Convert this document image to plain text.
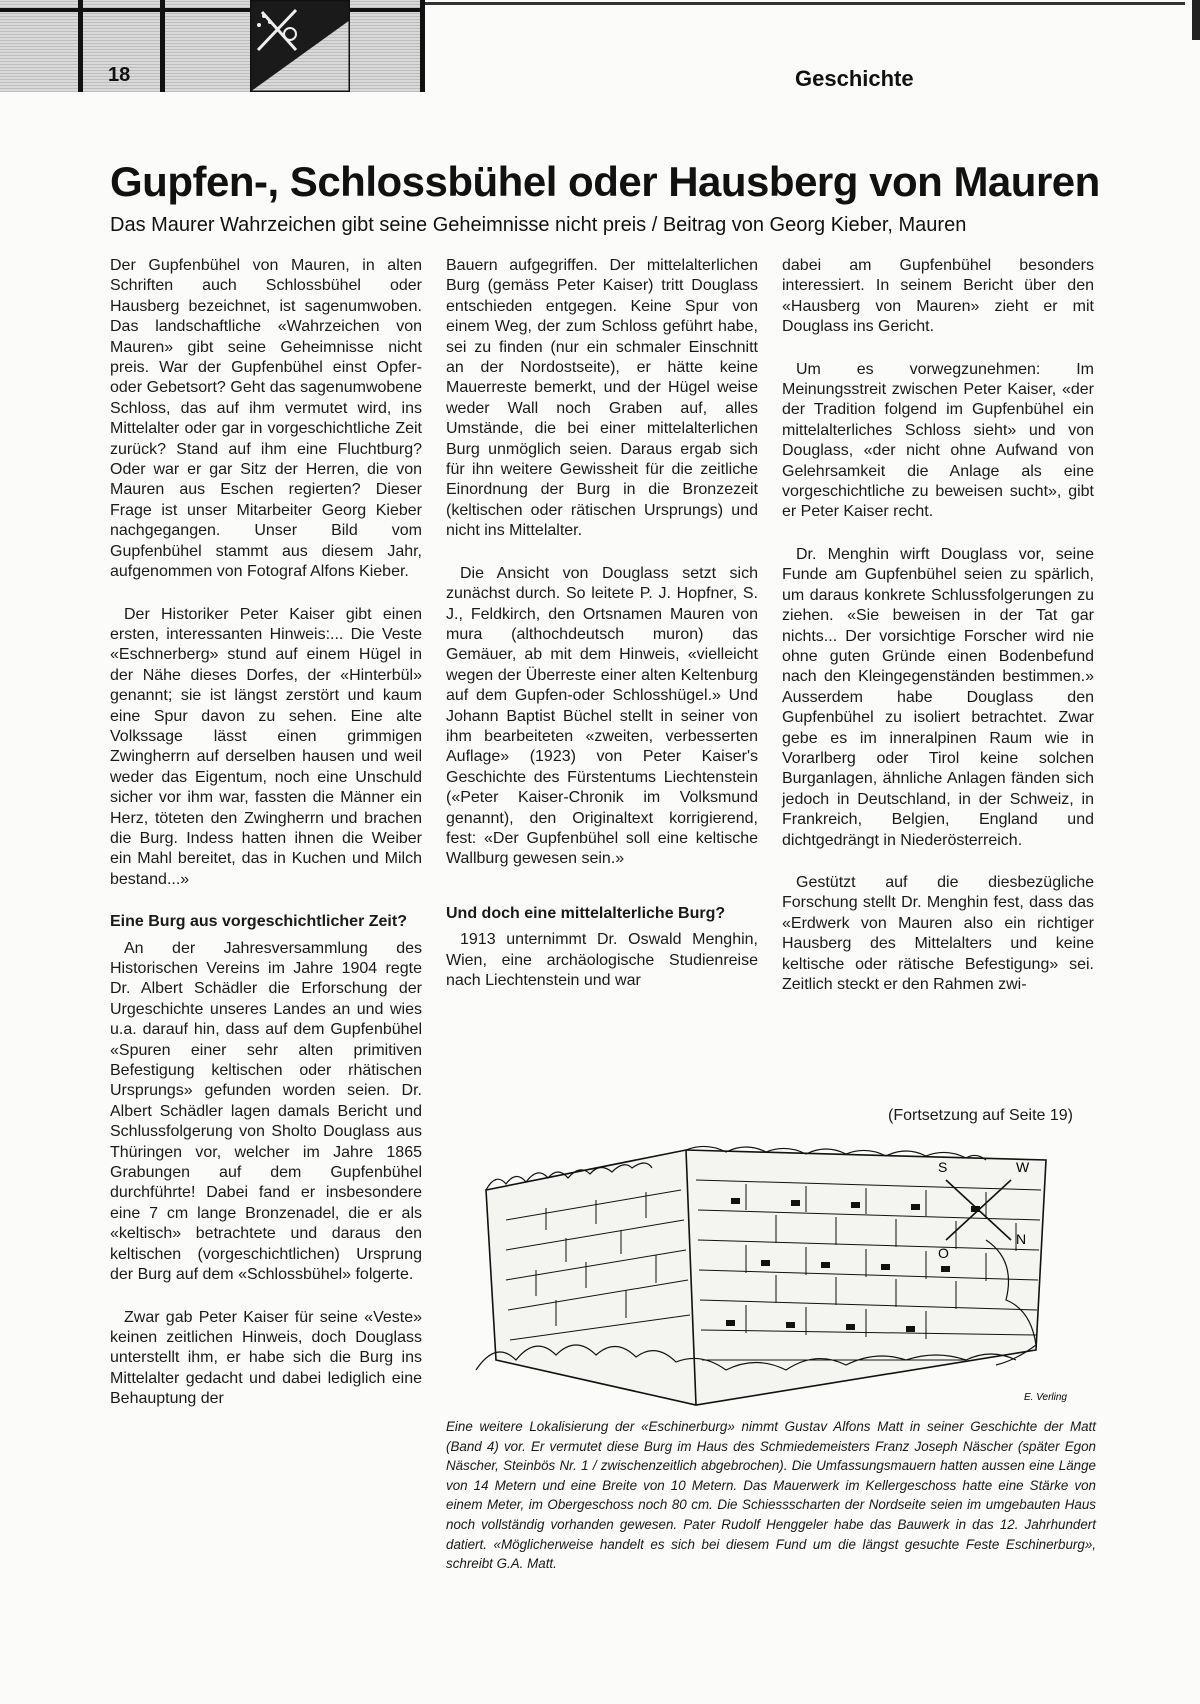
18	Geschichte
Gupfen-, Schlossbühel oder Hausberg von Mauren

Das Maurer Wahrzeichen gibt seine Geheimnisse nicht preis / Beitrag von Georg Kieber, Mauren

Der Gupfenbühel von Mauren, in alten Schriften auch Schlossbühel oder Hausberg bezeichnet, ist sagenumwoben. Das landschaftliche «Wahrzeichen von Mauren» gibt seine Geheimnisse nicht preis. War der Gupfenbühel einst Opfer- oder Gebetsort? Geht das sagenumwobene Schloss, das auf ihm vermutet wird, ins Mittelalter oder gar in vorgeschichtliche Zeit zurück? Stand auf ihm eine Fluchtburg? Oder war er gar Sitz der Herren, die von Mauren aus Eschen regierten? Dieser Frage ist unser Mitarbeiter Georg Kieber nachgegangen. Unser Bild vom Gupfenbühel stammt aus diesem Jahr, aufgenommen von Fotograf Alfons Kieber.

Der Historiker Peter Kaiser gibt einen ersten, interessanten Hinweis:... Die Veste «Eschnerberg» stund auf einem Hügel in der Nähe dieses Dorfes, der «Hinterbül» genannt; sie ist längst zerstört und kaum eine Spur davon zu sehen. Eine alte Volkssage lässt einen grimmigen Zwingherrn auf derselben hausen und weil weder das Eigentum, noch eine Unschuld sicher vor ihm war, fassten die Männer ein Herz, töteten den Zwingherrn und brachen die Burg. Indess hatten ihnen die Weiber ein Mahl bereitet, das in Kuchen und Milch bestand...»

Eine Burg aus vorgeschichtlicher Zeit?

An der Jahresversammlung des Historischen Vereins im Jahre 1904 regte Dr. Albert Schädler die Erforschung der Urgeschichte unseres Landes an und wies u.a. darauf hin, dass auf dem Gupfenbühel «Spuren einer sehr alten primitiven Befestigung keltischen oder rhätischen Ursprungs» gefunden worden seien. Dr. Albert Schädler lagen damals Bericht und Schlussfolgerung von Sholto Douglass aus Thüringen vor, welcher im Jahre 1865 Grabungen auf dem Gupfenbühel durchführte! Dabei fand er insbesondere eine 7 cm lange Bronzenadel, die er als «keltisch» betrachtete und daraus den keltischen (vorgeschichtlichen) Ursprung der Burg auf dem «Schlossbühel» folgerte.

Zwar gab Peter Kaiser für seine «Veste» keinen zeitlichen Hinweis, doch Douglass unterstellt ihm, er habe sich die Burg ins Mittelalter gedacht und dabei lediglich eine Behauptung der

Bauern aufgegriffen. Der mittelalterlichen Burg (gemäss Peter Kaiser) tritt Douglass entschieden entgegen. Keine Spur von einem Weg, der zum Schloss geführt habe, sei zu finden (nur ein schmaler Einschnitt an der Nordostseite), er hätte keine Mauerreste bemerkt, und der Hügel weise weder Wall noch Graben auf, alles Umstände, die bei einer mittelalterlichen Burg unmöglich seien. Daraus ergab sich für ihn weitere Gewissheit für die zeitliche Einordnung der Burg in die Bronzezeit (keltischen oder rätischen Ursprungs) und nicht ins Mittelalter.

Die Ansicht von Douglass setzt sich zunächst durch. So leitete P. J. Hopfner, S. J., Feldkirch, den Ortsnamen Mauren von mura (althochdeutsch muron) das Gemäuer, ab mit dem Hinweis, «vielleicht wegen der Überreste einer alten Keltenburg auf dem Gupfen-oder Schlosshügel.» Und Johann Baptist Büchel stellt in seiner von ihm bearbeiteten «zweiten, verbesserten Auflage» (1923) von Peter Kaiser's Geschichte des Fürstentums Liechtenstein («Peter Kaiser-Chronik im Volksmund genannt), den Originaltext korrigierend, fest: «Der Gupfenbühel soll eine keltische Wallburg gewesen sein.»

Und doch eine mittelalterliche Burg?

1913 unternimmt Dr. Oswald Menghin, Wien, eine archäologische Studienreise nach Liechtenstein und war

dabei am Gupfenbühel besonders interessiert. In seinem Bericht über den «Hausberg von Mauren» zieht er mit Douglass ins Gericht.

Um es vorwegzunehmen: Im Meinungsstreit zwischen Peter Kaiser, «der der Tradition folgend im Gupfenbühel ein mittelalterliches Schloss sieht» und von Douglass, «der nicht ohne Aufwand von Gelehrsamkeit die Anlage als eine vorgeschichtliche zu beweisen sucht», gibt er Peter Kaiser recht.

Dr. Menghin wirft Douglass vor, seine Funde am Gupfenbühel seien zu spärlich, um daraus konkrete Schlussfolgerungen zu ziehen. «Sie beweisen in der Tat gar nichts... Der vorsichtige Forscher wird nie ohne guten Gründe einen Bodenbefund nach den Kleingegenständen bestimmen.» Ausserdem habe Douglass den Gupfenbühel zu isoliert betrachtet. Zwar gebe es im inneralpinen Raum wie in Vorarlberg oder Tirol keine solchen Burganlagen, ähnliche Anlagen fänden sich jedoch in Deutschland, in der Schweiz, in Frankreich, Belgien, England und dichtgedrängt in Niederösterreich.

Gestützt auf die diesbezügliche Forschung stellt Dr. Menghin fest, dass das «Erdwerk von Mauren also ein richtiger Hausberg des Mittelalters und keine keltische oder rätische Befestigung» sei. Zeitlich steckt er den Rahmen zwi-

(Fortsetzung auf Seite 19)
S	W
O
N
E. Verling
Eine weitere Lokalisierung der «Eschinerburg» nimmt Gustav Alfons Matt in seiner Geschichte der Matt (Band 4) vor. Er vermutet diese Burg im Haus des Schmiedemeisters Franz Joseph Näscher (später Egon Näscher, Steinbös Nr. 1 / zwischenzeitlich abgebrochen). Die Umfassungsmauern hatten aussen eine Länge von 14 Metern und eine Breite von 10 Metern. Das Mauerwerk im Kellergeschoss hatte eine Stärke von einem Meter, im Obergeschoss noch 80 cm. Die Schiessscharten der Nordseite seien im umgebauten Haus noch vollständig vorhanden gewesen. Pater Rudolf Henggeler habe das Bauwerk in das 12. Jahrhundert datiert. «Möglicherweise handelt es sich bei diesem Fund um die längst gesuchte Feste Eschinerburg», schreibt G.A. Matt.
